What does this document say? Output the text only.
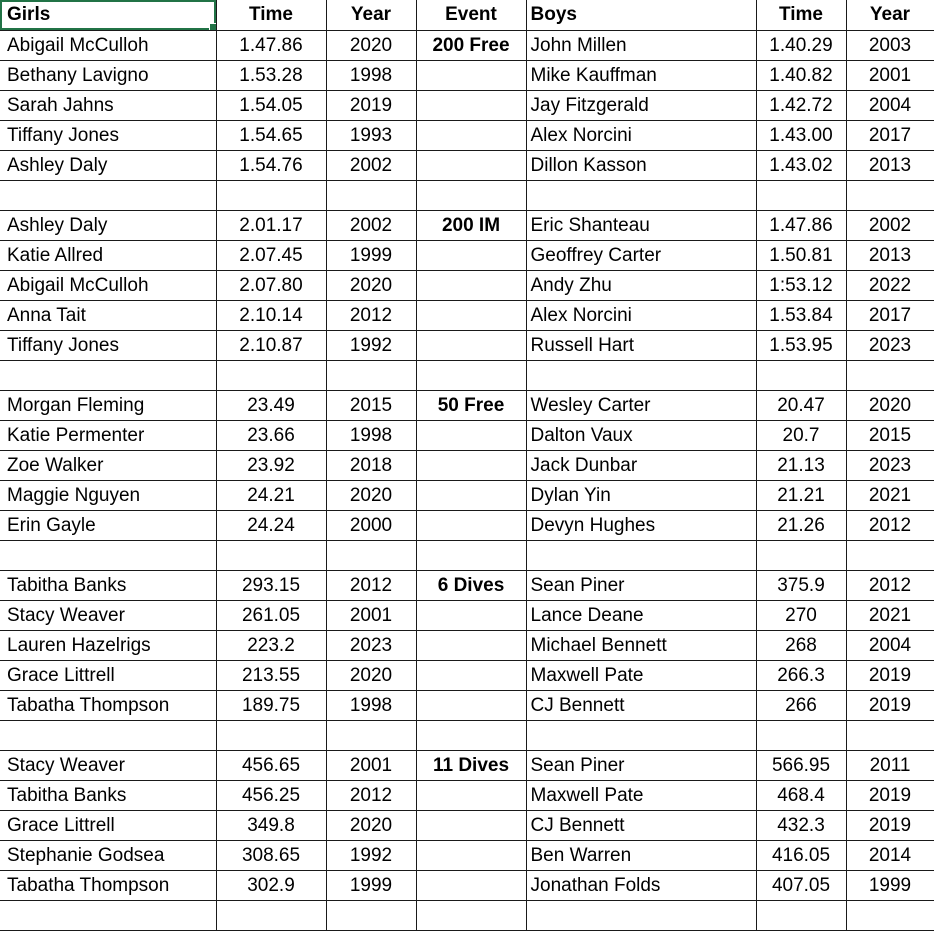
Girls	Time	Year	Event	Boys	Time	Year
Abigail McCulloh	1.47.86	2020	200 Free	John Millen	1.40.29	2003
Bethany Lavigno	1.53.28	1998		Mike Kauffman	1.40.82	2001
Sarah Jahns	1.54.05	2019		Jay Fitzgerald	1.42.72	2004
Tiffany Jones	1.54.65	1993		Alex Norcini	1.43.00	2017
Ashley Daly	1.54.76	2002		Dillon Kasson	1.43.02	2013

Ashley Daly	2.01.17	2002	200 IM	Eric Shanteau	1.47.86	2002
Katie Allred	2.07.45	1999		Geoffrey Carter	1.50.81	2013
Abigail McCulloh	2.07.80	2020		Andy Zhu	1:53.12	2022
Anna Tait	2.10.14	2012		Alex Norcini	1.53.84	2017
Tiffany Jones	2.10.87	1992		Russell Hart	1.53.95	2023

Morgan Fleming	23.49	2015	50 Free	Wesley Carter	20.47	2020
Katie Permenter	23.66	1998		Dalton Vaux	20.7	2015
Zoe Walker	23.92	2018		Jack Dunbar	21.13	2023
Maggie Nguyen	24.21	2020		Dylan Yin	21.21	2021
Erin Gayle	24.24	2000		Devyn Hughes	21.26	2012

Tabitha Banks	293.15	2012	6 Dives	Sean Piner	375.9	2012
Stacy Weaver	261.05	2001		Lance Deane	270	2021
Lauren Hazelrigs	223.2	2023		Michael Bennett	268	2004
Grace Littrell	213.55	2020		Maxwell Pate	266.3	2019
Tabatha Thompson	189.75	1998		CJ Bennett	266	2019

Stacy Weaver	456.65	2001	11 Dives	Sean Piner	566.95	2011
Tabitha Banks	456.25	2012		Maxwell Pate	468.4	2019
Grace Littrell	349.8	2020		CJ Bennett	432.3	2019
Stephanie Godsea	308.65	1992		Ben Warren	416.05	2014
Tabatha Thompson	302.9	1999		Jonathan Folds	407.05	1999
